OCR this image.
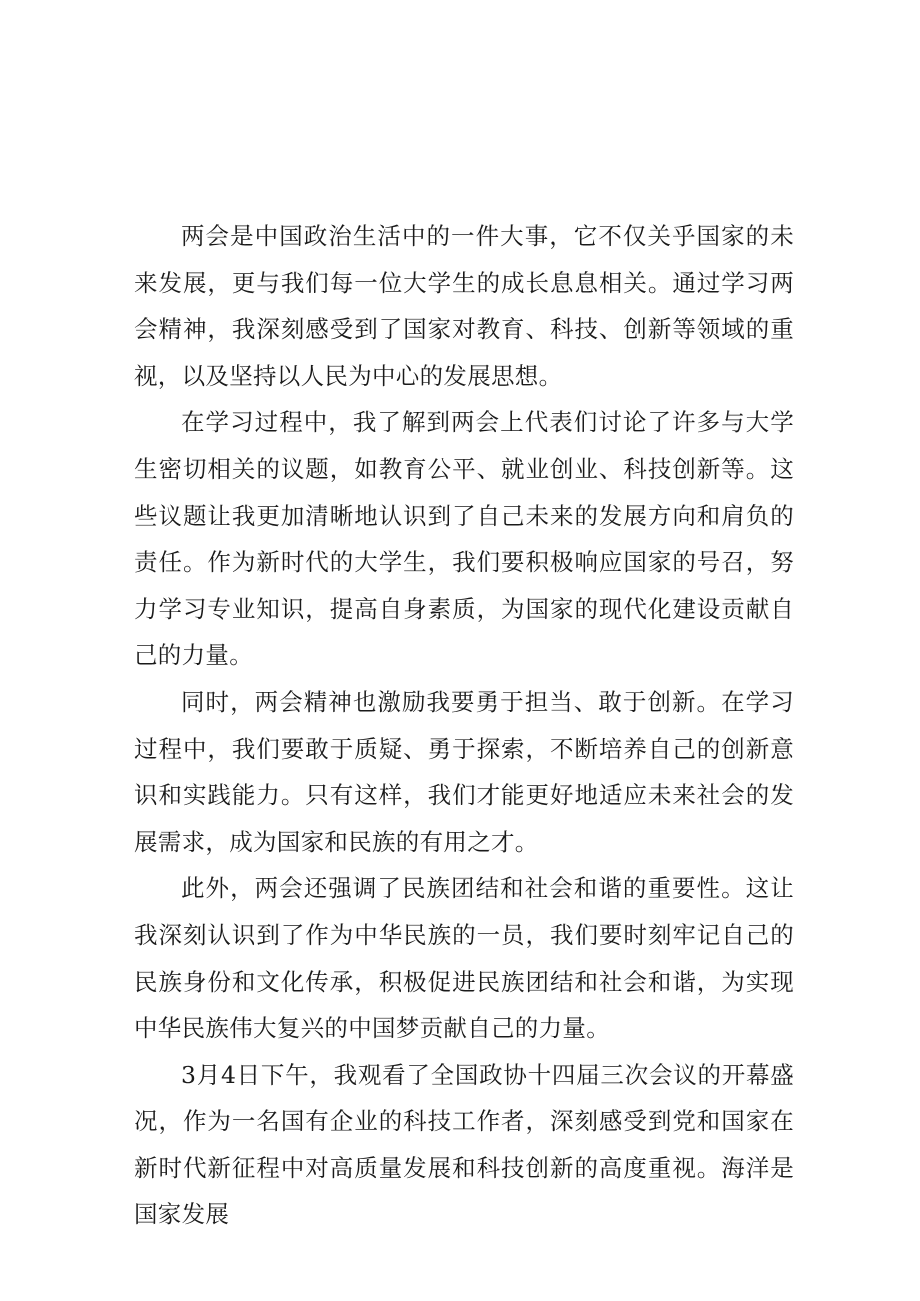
两会是中国政治生活中的一件大事，它不仅关乎国家的未来发展，更与我们每一位大学生的成长息息相关。通过学习两会精神，我深刻感受到了国家对教育、科技、创新等领域的重视，以及坚持以人民为中心的发展思想。

在学习过程中，我了解到两会上代表们讨论了许多与大学生密切相关的议题，如教育公平、就业创业、科技创新等。这些议题让我更加清晰地认识到了自己未来的发展方向和肩负的责任。作为新时代的大学生，我们要积极响应国家的号召，努力学习专业知识，提高自身素质，为国家的现代化建设贡献自己的力量。

同时，两会精神也激励我要勇于担当、敢于创新。在学习过程中，我们要敢于质疑、勇于探索，不断培养自己的创新意识和实践能力。只有这样，我们才能更好地适应未来社会的发展需求，成为国家和民族的有用之才。

此外，两会还强调了民族团结和社会和谐的重要性。这让我深刻认识到了作为中华民族的一员，我们要时刻牢记自己的民族身份和文化传承，积极促进民族团结和社会和谐，为实现中华民族伟大复兴的中国梦贡献自己的力量。

3月4日下午，我观看了全国政协十四届三次会议的开幕盛况，作为一名国有企业的科技工作者，深刻感受到党和国家在新时代新征程中对高质量发展和科技创新的高度重视。海洋是国家发展
